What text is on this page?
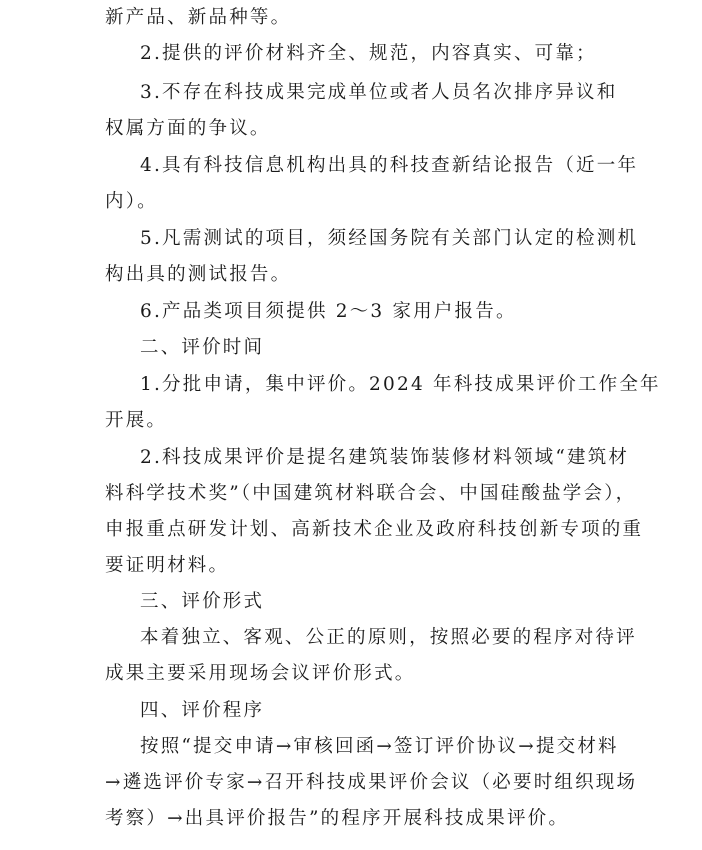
新产品、新品种等。
2.提供的评价材料齐全、规范，内容真实、可靠；
3.不存在科技成果完成单位或者人员名次排序异议和
权属方面的争议。
4.具有科技信息机构出具的科技查新结论报告（近一年
内）。
5.凡需测试的项目，须经国务院有关部门认定的检测机
构出具的测试报告。
6.产品类项目须提供 2～3 家用户报告。
二、评价时间
1.分批申请，集中评价。2024 年科技成果评价工作全年
开展。
2.科技成果评价是提名建筑装饰装修材料领域“建筑材
料科学技术奖”（中国建筑材料联合会、中国硅酸盐学会），
申报重点研发计划、高新技术企业及政府科技创新专项的重
要证明材料。
三、评价形式
本着独立、客观、公正的原则，按照必要的程序对待评
成果主要采用现场会议评价形式。
四、评价程序
按照“提交申请→审核回函→签订评价协议→提交材料
→遴选评价专家→召开科技成果评价会议（必要时组织现场
考察）→出具评价报告”的程序开展科技成果评价。
